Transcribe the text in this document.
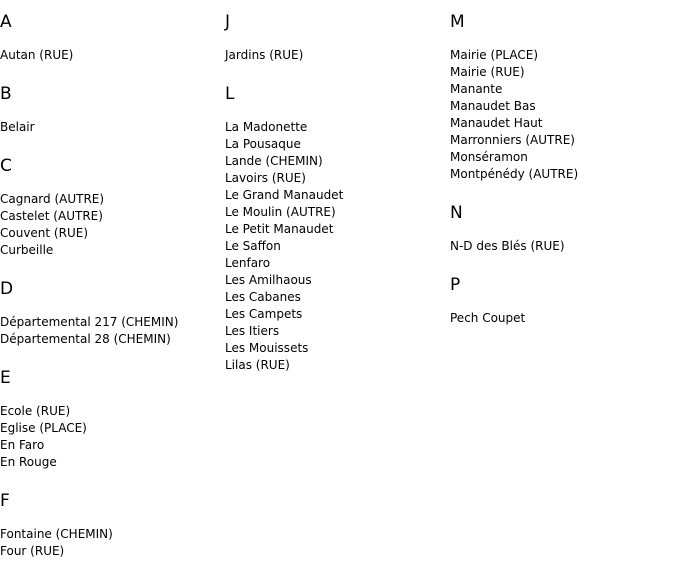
A
Autan (RUE)
B
Belair
C
Cagnard (AUTRE)
Castelet (AUTRE)
Couvent (RUE)
Curbeille
D
Départemental 217 (CHEMIN)
Départemental 28 (CHEMIN)
E
Ecole (RUE)
Eglise (PLACE)
En Faro
En Rouge
F
Fontaine (CHEMIN)
Four (RUE)
J
Jardins (RUE)
L
La Madonette
La Pousaque
Lande (CHEMIN)
Lavoirs (RUE)
Le Grand Manaudet
Le Moulin (AUTRE)
Le Petit Manaudet
Le Saffon
Lenfaro
Les Amilhaous
Les Cabanes
Les Campets
Les Itiers
Les Mouissets
Lilas (RUE)
M
Mairie (PLACE)
Mairie (RUE)
Manante
Manaudet Bas
Manaudet Haut
Marronniers (AUTRE)
Monséramon
Montpénédy (AUTRE)
N
N-D des Blés (RUE)
P
Pech Coupet
